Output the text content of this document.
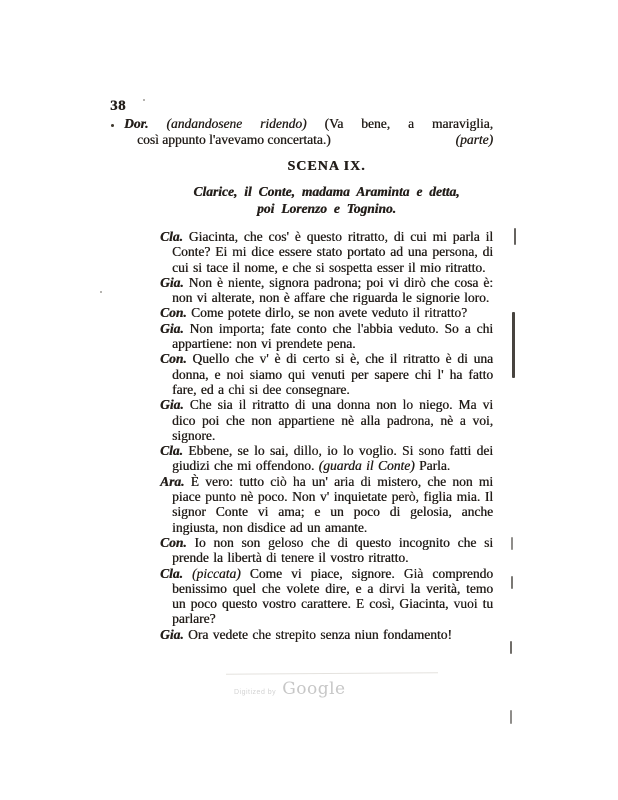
38
Dor. (andandosene ridendo) (Va bene, a maraviglia,
così appunto l'avevamo concertata.)	(parte)
SCENA IX.
Clarice, il Conte, madama Araminta e detta,
poi Lorenzo e Tognino.

Cla. Giacinta, che cos' è questo ritratto, di cui mi parla il Conte? Ei mi dice essere stato portato ad una persona, di cui si tace il nome, e che si sospetta esser il mio ritratto.

Gia. Non è niente, signora padrona; poi vi dirò che cosa è: non vi alterate, non è affare che riguarda le signorie loro.

Con. Come potete dirlo, se non avete veduto il ritratto?

Gia. Non importa; fate conto che l'abbia veduto. So a chi appartiene: non vi prendete pena.

Con. Quello che v' è di certo si è, che il ritratto è di una donna, e noi siamo qui venuti per sapere chi l' ha fatto fare, ed a chi si dee consegnare.

Gia. Che sia il ritratto di una donna non lo niego. Ma vi dico poi che non appartiene nè alla padrona, nè a voi, signore.

Cla. Ebbene, se lo sai, dillo, io lo voglio. Si sono fatti dei giudizi che mi offendono. (guarda il Conte) Parla.

Ara. È vero: tutto ciò ha un' aria di mistero, che non mi piace punto nè poco. Non v' inquietate però, figlia mia. Il signor Conte vi ama; e un poco di gelosia, anche ingiusta, non disdice ad un amante.

Con. Io non son geloso che di questo incognito che si prende la libertà di tenere il vostro ritratto.

Cla. (piccata) Come vi piace, signore. Già comprendo benissimo quel che volete dire, e a dirvi la verità, temo un poco questo vostro carattere. E così, Giacinta, vuoi tu parlare?

Gia. Ora vedete che strepito senza niun fondamento!

Digitized by Google
